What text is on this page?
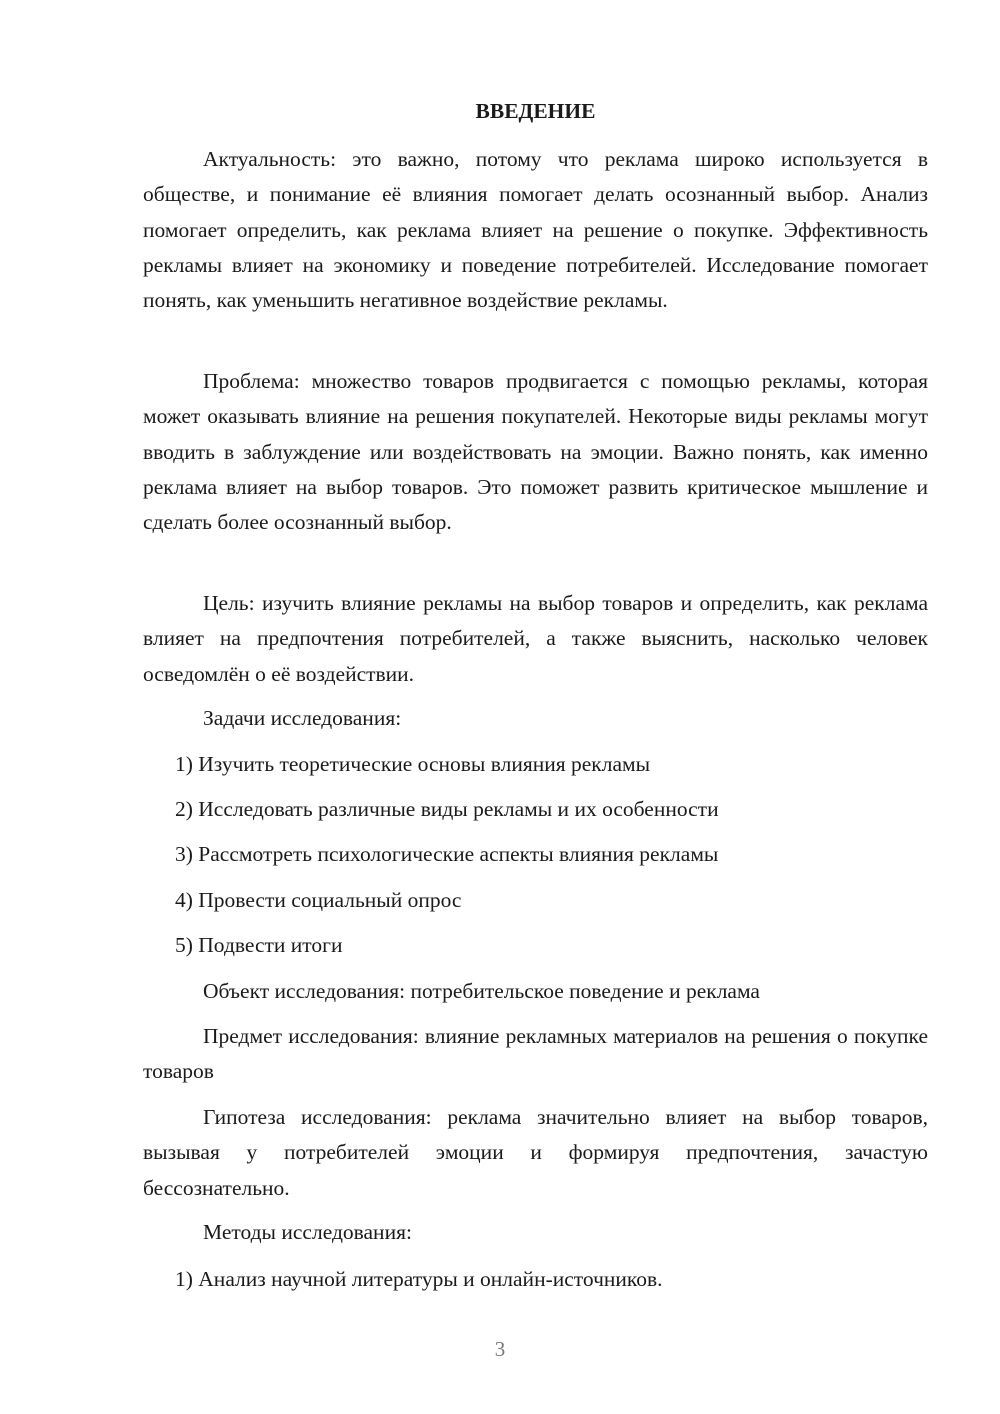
ВВЕДЕНИЕ

Актуальность: это важно, потому что реклама широко используется в обществе, и понимание её влияния помогает делать осознанный выбор. Анализ помогает определить, как реклама влияет на решение о покупке. Эффективность рекламы влияет на экономику и поведение потребителей. Исследование помогает понять, как уменьшить негативное воздействие рекламы.

Проблема: множество товаров продвигается с помощью рекламы, которая может оказывать влияние на решения покупателей. Некоторые виды рекламы могут вводить в заблуждение или воздействовать на эмоции. Важно понять, как именно реклама влияет на выбор товаров. Это поможет развить критическое мышление и сделать более осознанный выбор.

Цель: изучить влияние рекламы на выбор товаров и определить, как реклама влияет на предпочтения потребителей, а также выяснить, насколько человек осведомлён о её воздействии.

Задачи исследования:

1) Изучить теоретические основы влияния рекламы

2) Исследовать различные виды рекламы и их особенности

3) Рассмотреть психологические аспекты влияния рекламы

4) Провести социальный опрос

5) Подвести итоги

Объект исследования: потребительское поведение и реклама

Предмет исследования: влияние рекламных материалов на решения о покупке товаров

Гипотеза исследования: реклама значительно влияет на выбор товаров, вызывая у потребителей эмоции и формируя предпочтения, зачастую бессознательно.

Методы исследования:

1) Анализ научной литературы и онлайн-источников.

3
